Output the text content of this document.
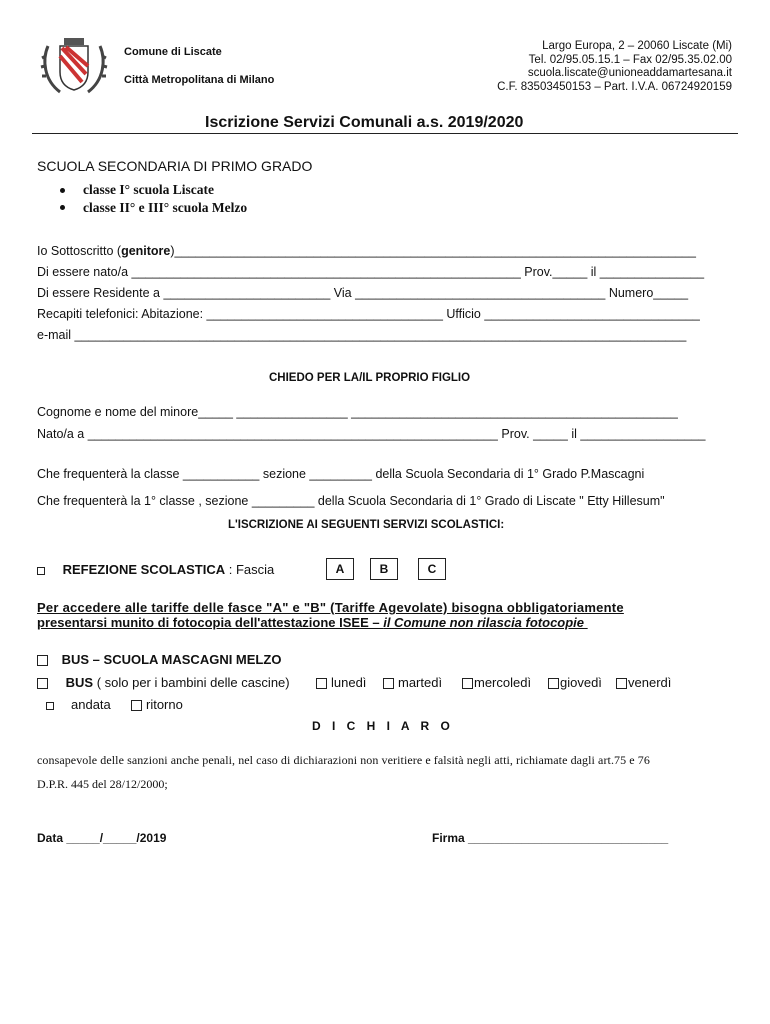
Comune di Liscate
Città Metropolitana di Milano
Largo Europa, 2 – 20060 Liscate (Mi)
Tel. 02/95.05.15.1 – Fax 02/95.35.02.00
scuola.liscate@unioneaddamartesana.it
C.F. 83503450153 – Part. I.V.A. 06724920159
Iscrizione Servizi Comunali a.s. 2019/2020
SCUOLA SECONDARIA DI PRIMO GRADO
classe I° scuola Liscate
classe II° e III° scuola Melzo
Io Sottoscritto (genitore)___________________________________________________________________________
Di essere nato/a ________________________________________________________ Prov._____ il _______________
Di essere Residente a ________________________ Via ____________________________________ Numero_____
Recapiti telefonici: Abitazione: __________________________________ Ufficio _______________________________
e-mail ________________________________________________________________________________________
CHIEDO PER LA/IL PROPRIO FIGLIO
Cognome e nome del minore_____ ________________ _______________________________________________
Nato/a a ___________________________________________________________ Prov. _____ il __________________
Che frequenterà la classe ___________ sezione _________ della Scuola Secondaria di 1° Grado P.Mascagni
Che frequenterà la 1° classe , sezione _________ della Scuola Secondaria di 1° Grado di Liscate " Etty Hillesum"
L'ISCRIZIONE AI SEGUENTI SERVIZI SCOLASTICI:
REFEZIONE SCOLASTICA : Fascia	A	B	C
Per accedere alle tariffe delle fasce "A" e "B" (Tariffe Agevolate) bisogna obbligatoriamente
presentarsi munito di fotocopia dell'attestazione ISEE – il Comune non rilascia fotocopie
BUS – SCUOLA MASCAGNI MELZO
BUS ( solo per i bambini delle cascine)	lunedì	martedì	mercoledì	giovedì	venerdì
andata	ritorno
D I C H I A R O
consapevole delle sanzioni anche penali, nel caso di dichiarazioni non veritiere e falsità negli atti, richiamate dagli art.75 e 76
D.P.R. 445 del 28/12/2000;
Data _____/_____/2019	Firma ______________________________
